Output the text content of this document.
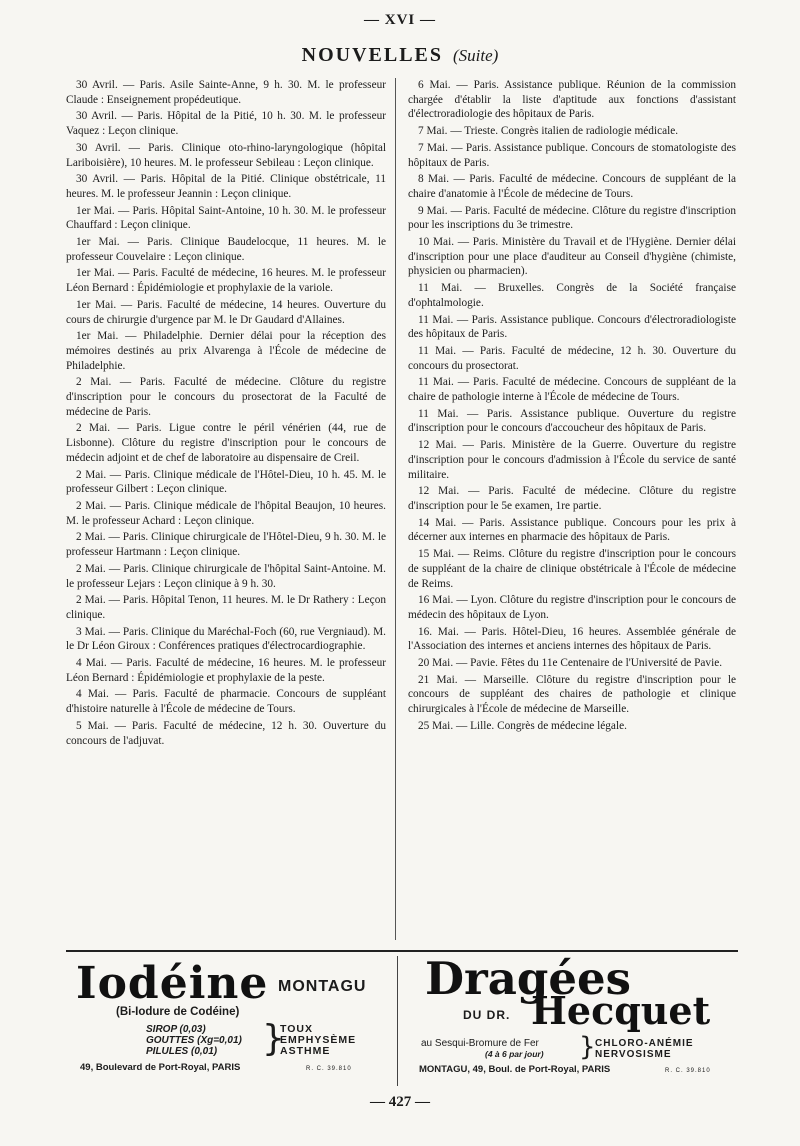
— XVI —
NOUVELLES (Suite)

30 Avril. — Paris. Asile Sainte-Anne, 9 h. 30. M. le professeur Claude : Enseignement propédeutique.

30 Avril. — Paris. Hôpital de la Pitié, 10 h. 30. M. le professeur Vaquez : Leçon clinique.

30 Avril. — Paris. Clinique oto-rhino-laryngologique (hôpital Lariboisière), 10 heures. M. le professeur Sebileau : Leçon clinique.

30 Avril. — Paris. Hôpital de la Pitié. Clinique obstétricale, 11 heures. M. le professeur Jeannin : Leçon clinique.

1er Mai. — Paris. Hôpital Saint-Antoine, 10 h. 30. M. le professeur Chauffard : Leçon clinique.

1er Mai. — Paris. Clinique Baudelocque, 11 heures. M. le professeur Couvelaire : Leçon clinique.

1er Mai. — Paris. Faculté de médecine, 16 heures. M. le professeur Léon Bernard : Épidémiologie et prophylaxie de la variole.

1er Mai. — Paris. Faculté de médecine, 14 heures. Ouverture du cours de chirurgie d'urgence par M. le Dr Gaudard d'Allaines.

1er Mai. — Philadelphie. Dernier délai pour la réception des mémoires destinés au prix Alvarenga à l'École de médecine de Philadelphie.

2 Mai. — Paris. Faculté de médecine. Clôture du registre d'inscription pour le concours du prosectorat de la Faculté de médecine de Paris.

2 Mai. — Paris. Ligue contre le péril vénérien (44, rue de Lisbonne). Clôture du registre d'inscription pour le concours de médecin adjoint et de chef de laboratoire au dispensaire de Creil.

2 Mai. — Paris. Clinique médicale de l'Hôtel-Dieu, 10 h. 45. M. le professeur Gilbert : Leçon clinique.

2 Mai. — Paris. Clinique médicale de l'hôpital Beaujon, 10 heures. M. le professeur Achard : Leçon clinique.

2 Mai. — Paris. Clinique chirurgicale de l'Hôtel-Dieu, 9 h. 30. M. le professeur Hartmann : Leçon clinique.

2 Mai. — Paris. Clinique chirurgicale de l'hôpital Saint-Antoine. M. le professeur Lejars : Leçon clinique à 9 h. 30.

2 Mai. — Paris. Hôpital Tenon, 11 heures. M. le Dr Rathery : Leçon clinique.

3 Mai. — Paris. Clinique du Maréchal-Foch (60, rue Vergniaud). M. le Dr Léon Giroux : Conférences pratiques d'électrocardiographie.

4 Mai. — Paris. Faculté de médecine, 16 heures. M. le professeur Léon Bernard : Épidémiologie et prophylaxie de la peste.

4 Mai. — Paris. Faculté de pharmacie. Concours de suppléant d'histoire naturelle à l'École de médecine de Tours.

5 Mai. — Paris. Faculté de médecine, 12 h. 30. Ouverture du concours de l'adjuvat.

6 Mai. — Paris. Assistance publique. Réunion de la commission chargée d'établir la liste d'aptitude aux fonctions d'assistant d'électroradiologie des hôpitaux de Paris.

7 Mai. — Trieste. Congrès italien de radiologie médicale.

7 Mai. — Paris. Assistance publique. Concours de stomatologiste des hôpitaux de Paris.

8 Mai. — Paris. Faculté de médecine. Concours de suppléant de la chaire d'anatomie à l'École de médecine de Tours.

9 Mai. — Paris. Faculté de médecine. Clôture du registre d'inscription pour les inscriptions du 3e trimestre.

10 Mai. — Paris. Ministère du Travail et de l'Hygiène. Dernier délai d'inscription pour une place d'auditeur au Conseil d'hygiène (chimiste, physicien ou pharmacien).

11 Mai. — Bruxelles. Congrès de la Société française d'ophtalmologie.

11 Mai. — Paris. Assistance publique. Concours d'électroradiologiste des hôpitaux de Paris.

11 Mai. — Paris. Faculté de médecine, 12 h. 30. Ouverture du concours du prosectorat.

11 Mai. — Paris. Faculté de médecine. Concours de suppléant de la chaire de pathologie interne à l'École de médecine de Tours.

11 Mai. — Paris. Assistance publique. Ouverture du registre d'inscription pour le concours d'accoucheur des hôpitaux de Paris.

12 Mai. — Paris. Ministère de la Guerre. Ouverture du registre d'inscription pour le concours d'admission à l'École du service de santé militaire.

12 Mai. — Paris. Faculté de médecine. Clôture du registre d'inscription pour le 5e examen, 1re partie.

14 Mai. — Paris. Assistance publique. Concours pour les prix à décerner aux internes en pharmacie des hôpitaux de Paris.

15 Mai. — Reims. Clôture du registre d'inscription pour le concours de suppléant de la chaire de clinique obstétricale à l'École de médecine de Reims.

16 Mai. — Lyon. Clôture du registre d'inscription pour le concours de médecin des hôpitaux de Lyon.

16. Mai. — Paris. Hôtel-Dieu, 16 heures. Assemblée générale de l'Association des internes et anciens internes des hôpitaux de Paris.

20 Mai. — Pavie. Fêtes du 11e Centenaire de l'Université de Pavie.

21 Mai. — Marseille. Clôture du registre d'inscription pour le concours de suppléant des chaires de pathologie et clinique chirurgicales à l'École de médecine de Marseille.

25 Mai. — Lille. Congrès de médecine légale.

Iodéine MONTAGU
(Bi-Iodure de Codéine)
SIROP (0,03)
GOUTTES (Xg=0,01)
PILULES (0,01)	}
TOUX
EMPHYSÈME
ASTHME
49, Boulevard de Port-Royal, PARIS	R. C. 39.810
Dragées
DU DR. Hecquet
au Sesqui-Bromure de Fer
(4 à 6 par jour) } CHLORO-ANÉMIE
NERVOSISME
MONTAGU, 49, Boul. de Port-Royal, PARIS	R. C. 39.810
— 427 —
